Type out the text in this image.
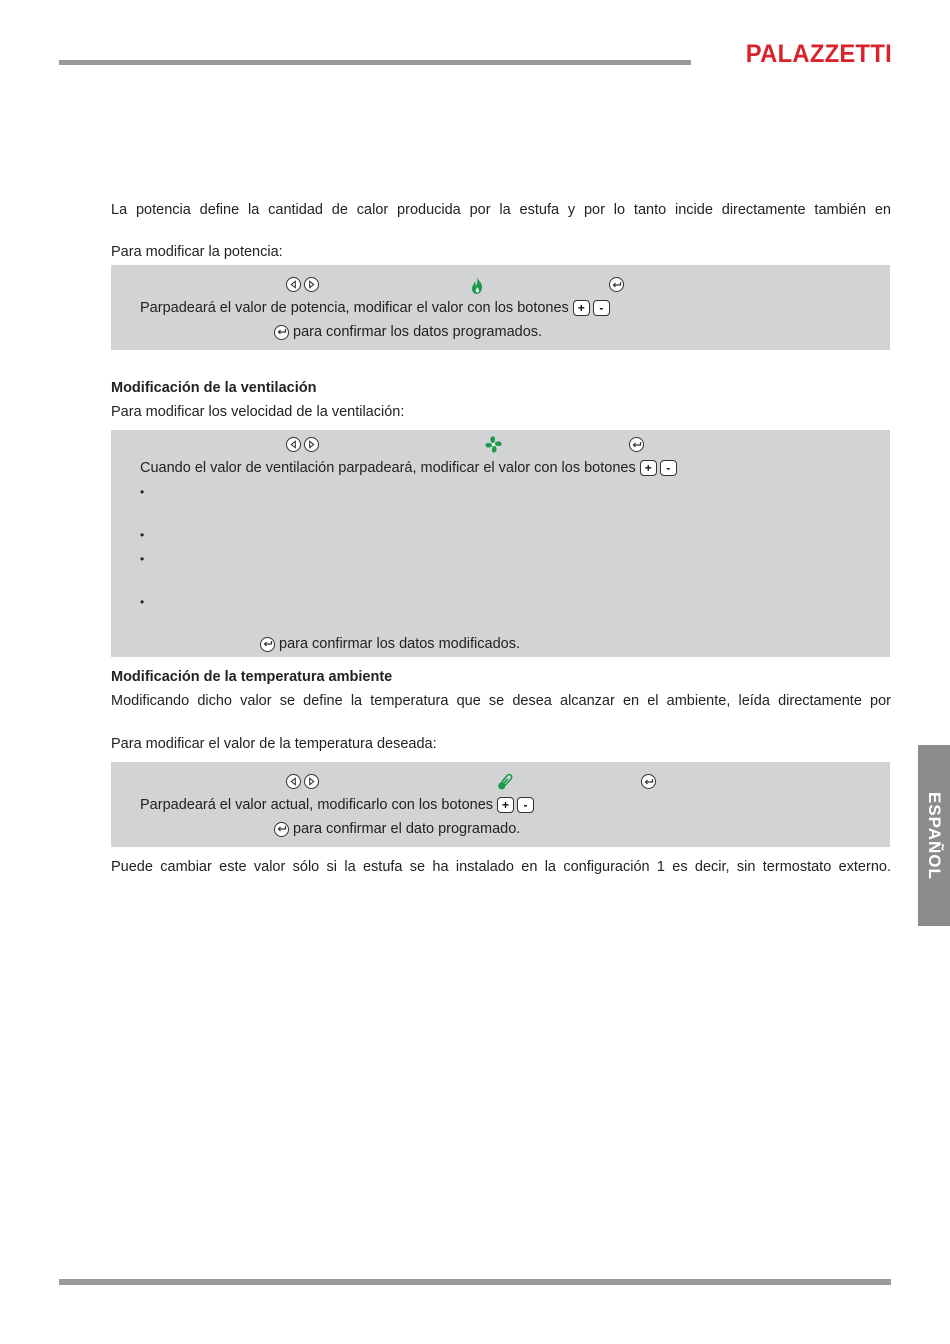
PALAZZETTI

La potencia define la cantidad de calor producida por la estufa y por lo tanto incide directamente también en

Para modificar la potencia:

Parpadeará el valor de potencia, modificar el valor con los botones +	-
para confirmar los datos programados.

Modificación de la ventilación

Para modificar los velocidad de la ventilación:

Cuando el valor de ventilación parpadeará, modificar el valor con los botones +	-
•
•
•
•
para confirmar los datos modificados.

Modificación de la temperatura ambiente

Modificando dicho valor se define la temperatura que se desea alcanzar en el ambiente, leída directamente por

Para modificar el valor de la temperatura deseada:

Parpadeará el valor actual, modificarlo con los botones +	-
para confirmar el dato programado.

Puede cambiar este valor sólo si la estufa se ha instalado en la configuración 1 es decir, sin termostato externo. ESPAÑOL
